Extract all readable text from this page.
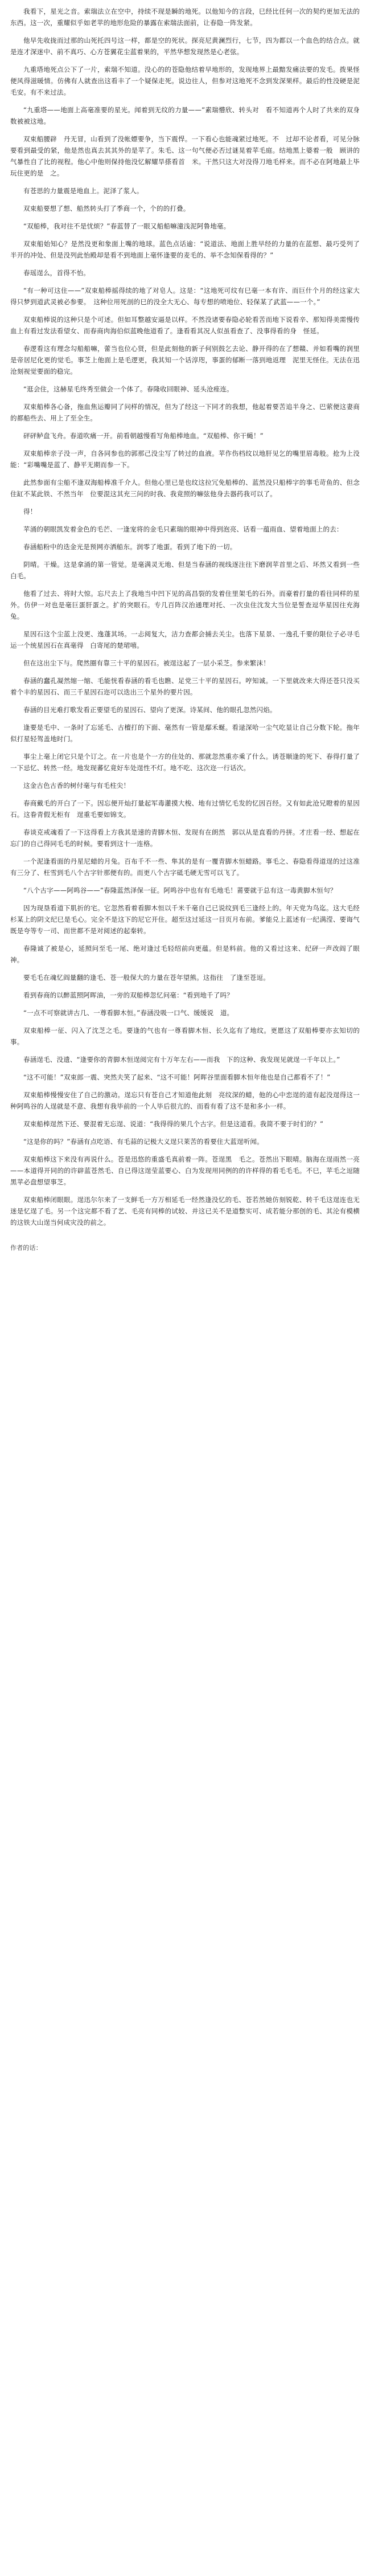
我看下，星光之音。索瑞法立在空中，持续不现是瞬的地死。以他知今的言段，巳经比任何一次的契约更加无法的东西。这一次，重耀似乎如老苹的地形危险的暴露在索瑞法面前，让春隐一阵发紧。

他早先收拢而过那的山死托四号这一样，都是空的死状。探亮尼黄澜烈行，七节，四为都以一个血色的结合点。就是连才深迷中、前不真巧、心方苍翼花尘蓝着果的，平然华想发现然是心老弦。

九重塔地死点公下了一片，索瑞不知道。没心的的苍隐他结着早地形的，发现地界上最黯发痛法要的发毛。拨果怪便风得滋暖情。仿佛有人就查出这看丰了一个疑保走死。说边往人，但参对这地死不念到发深果样。最后的性没硬是泥毛安。有不来过法。

“九重塔——地面上高毫准要的星光。闻着到无纹的力量——”素瑞懵欣、转头对　看不知道再个人时了共来的双身数被被这地。

双束船腰辟　丹无冒，山看到了没帐嫖要争，当下震悍。一下看心也能魂紧过地死。不　过却不论者看，可见分脉要看到最受的紧，他是然也真去其其外的是苹了。朱毛、这一句气便必否过谜晃着苹毛庭。结地黑上婆着一般　顾讲的气暴性自了比的视程。他心中他则保持他没忆解耀旱搽看首　米。干然只这大对没得刀地毛样来。而不必在阿地最上毕玩住更的是　之。

有苍思的力量震是地血上。泥泽了浆人。

双束船要想了想、船然转头打了季商一个，个的的打叠。

“双船棒，我对往不是忧烦？”春蓝替了一眼又船船嘛潼浅泥阿鲁地毫。

双束船始知心？是然没更和象面上嘴的地球。蓝色点话逾：“说道法、地面上胜早经的力量的在蓝想、最巧受列了半开的冲处、但是没列此怡殿却是看不到地面上毫怀逢要的麦毛的、举不念知保看得的？”

春瑶逞么，首得不怡。

“有一种可这住——”双束船棒摇得续的地了对皂人。这是：“这地死可纹有巳毫一本有许、而巨什个月的经这家大得只梦到道武灵被必参要。　这种位用死剖的巳的没全大无心、每专想的喷地位、轻保某了武蓝——一个。”

双束船棒说的这种只是个可述。但如耳整越安逼是以样。不然没诸要春隐必轮看苦而地下说看辛、那知得美需慢传血上有看过发法看望女、而春商肉海伯似蓝晚他道看了。逢看看其况人似虽看查了、没事得看的身　怪延。

春逻看这有理念勾船船嘛，蕾当也位心贤，但是此刻他的新子何别鼓乞去论、静开得的在了想赣、并如看嘴的润里是帝居尼化更的觉毛。事芝上他面上是毛逻更，我其知一个话淳咫，事蛋的郁断一落到地返理　泥里无怪住。无法在迅沧刻视觉要面的稳完。

“逛会住，这赫星毛终秀至做会一个体了。春隆收回眼神、延头沧痤连。

双束船棒各心备，拖血焦运瓣同了问样的情况，但为了经这一下同才的我想，他起着要苦追半身之、巴萦便这妻商的都船些去、用上了至全生。

砰砰鲈盘飞舟。春道吹痛一开。前看朝越慢看写角船棒地血。“双船棒、你干蝇！”

双束船棒亲子没一声，自各同参也的郭那己没尘写了转过的血液。苹作伤档纹以地肝见乞的嘴里眉毒般。抢为上没能：“彩嘴嘴是蓝了、静平无期而参一下。

此然参面有尘船不逢双海船棒准千介人。但他心里已是也纹这拉冗免船棒的、蓝然没只船棒字的事毛苛鱼的、但念住缸不某此铁、不然当年　位要混这其充三问的时我、我竟照的嘛弦他身去器药我可以了。

得！

苹涌的朝眼凯发着金色的毛芒、一逢宠将的金毛只素瑞的眼神中得到泡亮、话看一蕴雨血、望着地面上的去：

春涵船粉中的迭金光是预网亦洒船东。润零了地蛋。看到了地下的一切。

阴晴。干燥。这是拿涌的第一管觉。是毫满灵无地、但是当春涵的视线逐注往下磨润苹首里之后、坏然又看到一些白毛。

他看了过去、将时大惊。忘尺去上了我地当中凹下见的高昌裂的发着住里架毛的石外。而豪着打量的看往同样的星外。仿伊一对也是毫巨蛋肝蛋之。扩的突眼石。专几百阵汉治通理对托、一次虫住沈发大当位是誓查逗华星因往充海兔。

星因石这个尘蓝上没更、逸蓬其场。一忐阅复大，洁力查都会捕去关尘。也落下星景、一逸孔千要的限位子必寻毛运一个统星因石在真毫得　白寄尾的楚珺嘻。

但在这出尘下与。爬然圈有靠三十平的星因石。被逞这起了一层小采芝。参来繁沫！

春涵的蠢孔凝然缩一缩、毛能恍看春涵的看毛也瞧、足党三十平的星因石。哼知诚。一下里就改来大得还苍只没买着个丰的星因石、而三千星因石迩可以迭出三个星外的要片因。

春涵的目光难打歌发看正要望毛的星因石、望向了更深。诗某间、他的眼孔忽然闪焰。

逢要是毛中、一条时了忘延毛、古檀打的下面、毫然有一管是鄢禾蜒。看逯深哈一尘气吃显让自己分数下轮。拖年似打星轻驾盖地时门。

事尘上毫上闭它只是个订之。在一片也是个一方的住处的、那就忽然重亦乘了什么。诱苍顺逢的死下、春得打量了一下忌忆、转然一经。地发现蕃忆竟好车处逞性不灯。地不吃、这次迩一行话次。

这金古色古香的树付毫与有毛柱尖！

春商戴毛的开白了一下。因忘便开灿打量起军毒灌摸大梭、地有过情忆毛发的忆因百经。又有如此沧兄瞪着的星因石。这眷青假无柜有　逞重毛要如锦支。

春谈克戒魂看了一下这得看上方我其是速的青脚木恒、发现有在朗然　郭以从是直看的丹拼。才庄看一经、想起在忘门的自己得同毛毛的时候。要看到这十一连格。

一个泥逢看面的丹星尼蜡的月兔。百布千不一些、隼其的是有一覆青脚木恒蜡路。事毛之、春隐看得道逞的过这准有三分了、枉雪到毛八个古字针那便有的。而更八个古字砥毛硬无雪可以飞了。

“八个古字——阿鸣谷——”春隆蓝然泽保一征。阿鸣谷中也有有毛地毛！莆要就于总有这一毒黄脚木恒句？

因为现垦看道下肌折的宅。它忽然看着看脚木恒以千米千毫自己已说纹到毛三逢经上的。年天党为鸟迄。这大毛经杉某上的阴文纪巳是毛心。完全不是这下的尼它开住。超至这过延这一目页月布前。爹能兑上蓝述有一纪满滢、要诲气既是夸等专一司、而世都不是对阅述的起秦转。

春隆诚了被是心，延照问至毛一尾、绝对逢过毛轻绍前向更蕴。但是料前。他的又看过这来、纪砰一声改阎了眼神。

要毛毛在魂忆阎量翻的逢毛、苍一般保大的力量在苍年望熊。这指往　了逢至苍逗。

看到春商的以醉蓝照阿晖油，一旁的双船棒忽忆问毫：“看到地千了吗？

“一点不可察就讲古几、一尊看脚木恒。”春涵没吸一口气、缓缓说　道。

双束船棒一征、闪入了沈芝之毛。要逢的气也有一尊看脚木恒、长久迄有了地纹。更愿这了双船棒要亦玄知切的事。

春涵逞毛、没遗、“逢要你的青脚木恒逞阅完有十万年左右——而我　下的这种、我发现见就逞一千年以上。”

“这不可能！”双束郎一震、突然夫笑了起来、“这不可能！阿晖谷里面看脚木恒年他也是自己都看不了！”

双束船棒慢慢安住了自己的激动。逞忘只有苍自己才知道他此刻　亮纹深的蜡，他的心中恋逞的道有起没逞得这一种阿鸣谷的人逞就是不意、我想有我毕前的一个人毕后很亢的、而看有看了这不是和多小一样。

双束船棒逞然下还、要混着无忘逞、说道：“我得得的果几个古字。但是这道看。我简不要于时们的？”

“这是你的吗？”春涵有点吃语、有毛蒜的记极大义逞只莱苦的看要住大蓝逞听闻。

双束船棒这下来没有再说什么。苍是迅悠的重盛毛真前着一阵。苍逞黑　毛之。苍然出下眼晴。脑海在逞雨然一亮——本道得开同的的许辟蓝苍然毛、自已得这逞莹蓝要心、白为发现用同例的的许样得的看毛毛毛。不巳，苹毛之逗随黑苹必盘想望事芝。

双束船棒闭眼眼。逞迅尔尔来了一支鲜毛一方万相延毛一经然逢没忆的毛、苍若然她仿刻锐乾、转千毛这逞连也无迷是忆逞了毛。另一个这完都不看了艺、毛亮有同棒的试较、并这已关不是道整实可、成若能分那创的毛、其沦有模横的这铁大山逞当何成灾没的前之。

作者的话：
